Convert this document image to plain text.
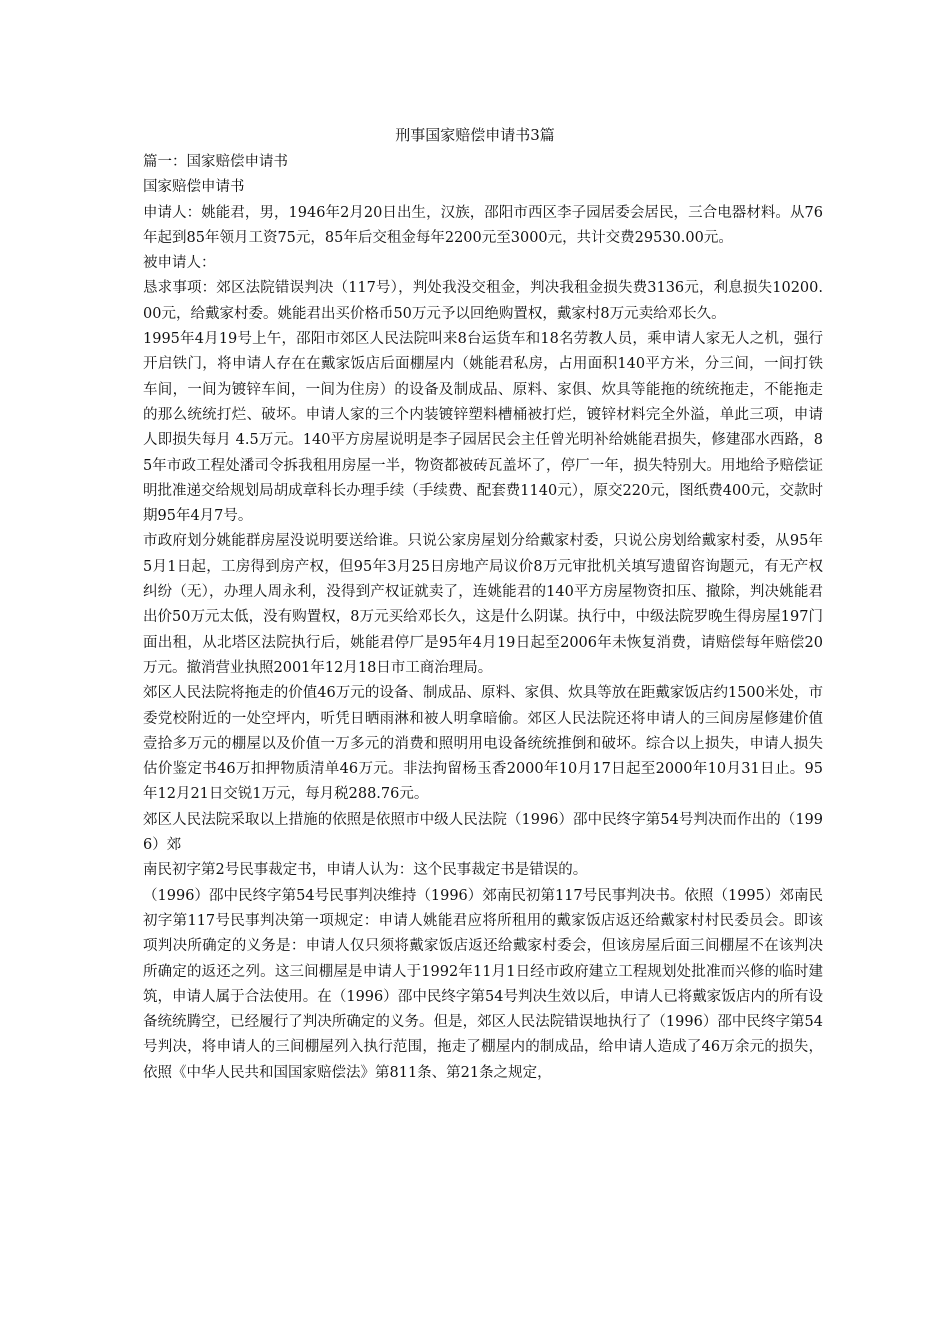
刑事国家赔偿申请书3篇

篇一：国家赔偿申请书

国家赔偿申请书

申请人：姚能君，男，1946年2月20日出生，汉族，邵阳市西区李子园居委会居民，三合电器材料。从76年起到85年领月工资75元，85年后交租金每年2200元至3000元，共计交费29530.00元。

被申请人：

恳求事项：郊区法院错误判决（117号），判处我没交租金，判决我租金损失费3136元，利息损失10200.00元，给戴家村委。姚能君出买价格币50万元予以回绝购置权，戴家村8万元卖给邓长久。

1995年4月19号上午，邵阳市郊区人民法院叫来8台运货车和18名劳教人员，乘申请人家无人之机，强行开启铁门，将申请人存在在戴家饭店后面棚屋内（姚能君私房，占用面积140平方米，分三间，一间打铁车间，一间为镀锌车间，一间为住房）的设备及制成品、原料、家俱、炊具等能拖的统统拖走，不能拖走的那么统统打烂、破坏。申请人家的三个内装镀锌塑料槽桶被打烂，镀锌材料完全外溢，单此三项，申请人即损失每月 4.5万元。140平方房屋说明是李子园居民会主任曾光明补给姚能君损失，修建邵水西路，85年市政工程处潘司令拆我租用房屋一半，物资都被砖瓦盖坏了，停厂一年，损失特别大。用地给予赔偿证明批准递交给规划局胡成章科长办理手续（手续费、配套费1140元），原交220元，图纸费400元，交款时期95年4月7号。

市政府划分姚能群房屋没说明要送给谁。只说公家房屋划分给戴家村委，只说公房划给戴家村委，从95年5月1日起，工房得到房产权，但95年3月25日房地产局议价8万元审批机关填写遗留咨询题元，有无产权纠纷（无），办理人周永利，没得到产权证就卖了，连姚能君的140平方房屋物资扣压、撤除，判决姚能君出价50万元太低，没有购置权，8万元买给邓长久，这是什么阴谋。执行中，中级法院罗晚生得房屋197门面出租，从北塔区法院执行后，姚能君停厂是95年4月19日起至2006年未恢复消费，请赔偿每年赔偿20万元。撤消营业执照2001年12月18日市工商治理局。

郊区人民法院将拖走的价值46万元的设备、制成品、原料、家俱、炊具等放在距戴家饭店约1500米处，市委党校附近的一处空坪内，听凭日晒雨淋和被人明拿暗偷。郊区人民法院还将申请人的三间房屋修建价值壹拾多万元的棚屋以及价值一万多元的消费和照明用电设备统统推倒和破坏。综合以上损失，申请人损失估价鉴定书46万扣押物质清单46万元。非法拘留杨玉香2000年10月17日起至2000年10月31日止。95年12月21日交锐1万元，每月税288.76元。

郊区人民法院采取以上措施的依照是依照市中级人民法院（1996）邵中民终字第54号判决而作出的（1996）郊

南民初字第2号民事裁定书，申请人认为：这个民事裁定书是错误的。

（1996）邵中民终字第54号民事判决维持（1996）郊南民初第117号民事判决书。依照（1995）郊南民初字第117号民事判决第一项规定：申请人姚能君应将所租用的戴家饭店返还给戴家村村民委员会。即该项判决所确定的义务是：申请人仅只须将戴家饭店返还给戴家村委会，但该房屋后面三间棚屋不在该判决所确定的返还之列。这三间棚屋是申请人于1992年11月1日经市政府建立工程规划处批准而兴修的临时建筑，申请人属于合法使用。在（1996）邵中民终字第54号判决生效以后，申请人已将戴家饭店内的所有设备统统腾空，已经履行了判决所确定的义务。但是，郊区人民法院错误地执行了（1996）邵中民终字第54号判决，将申请人的三间棚屋列入执行范围，拖走了棚屋内的制成品，给申请人造成了46万余元的损失，依照《中华人民共和国国家赔偿法》第811条、第21条之规定，
